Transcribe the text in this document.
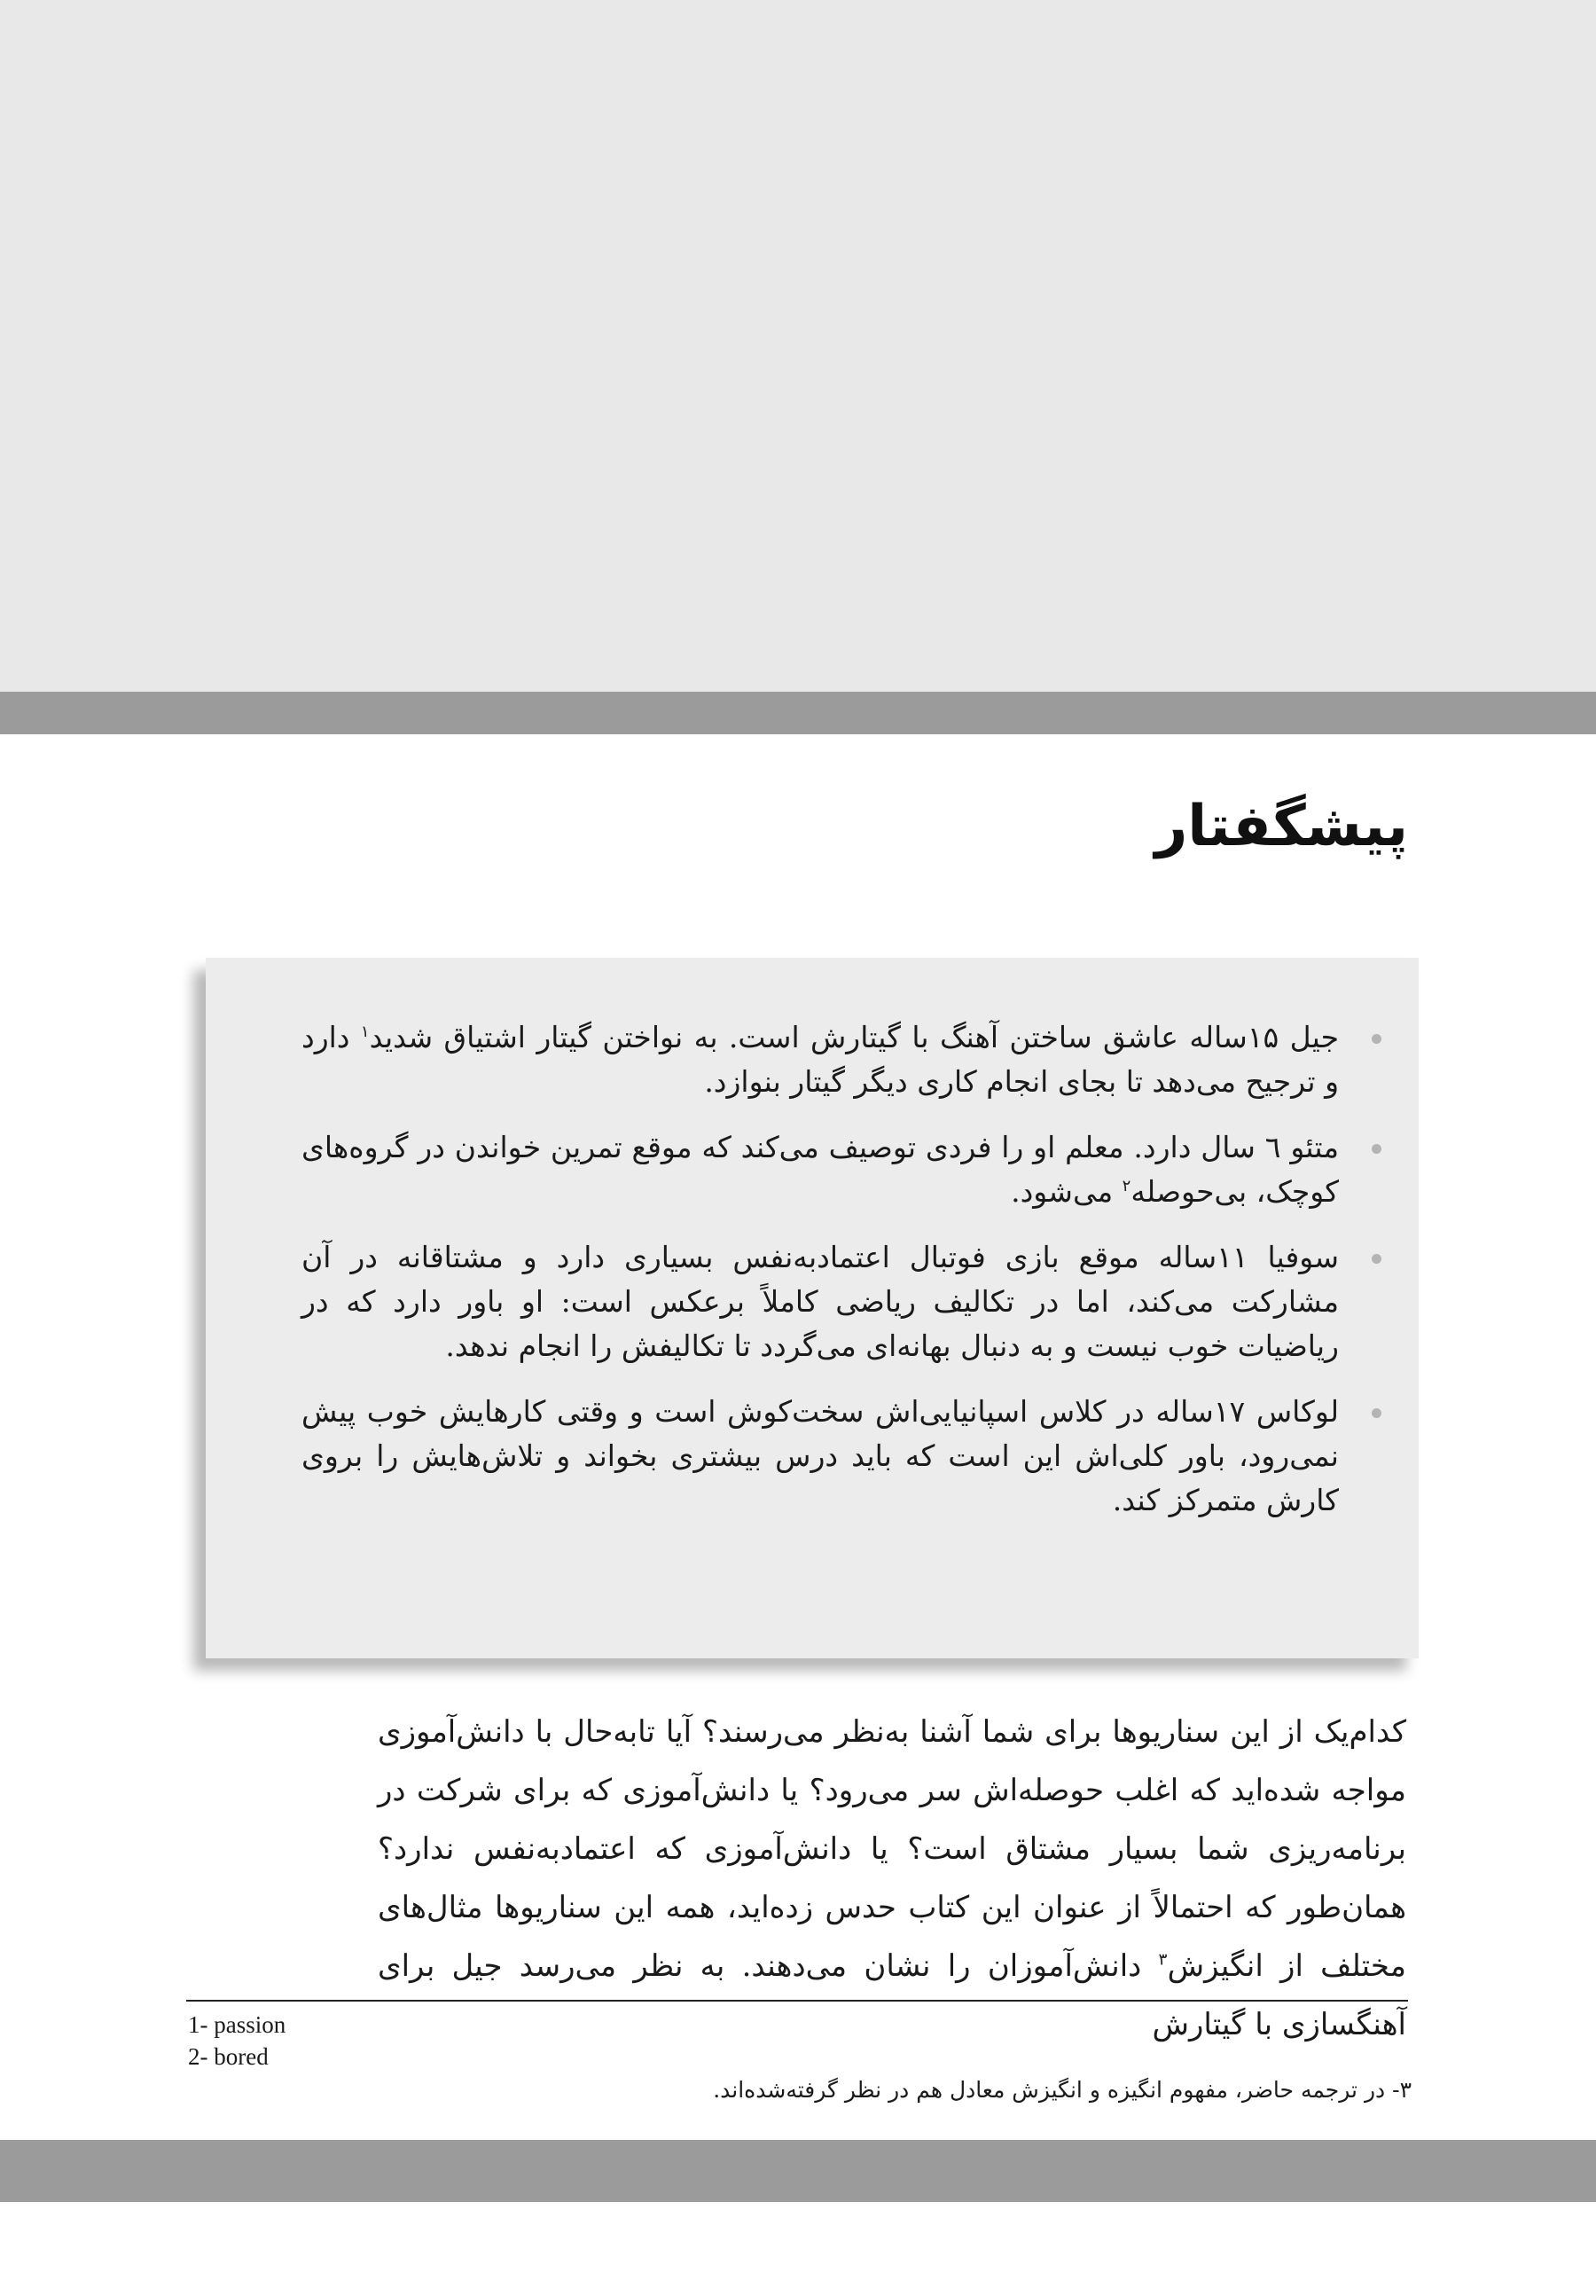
پیشگفتار
جیل ۱۵ساله عاشق ساختن آهنگ با گیتارش است. به نواختن گیتار اشتیاق شدید$^۱$ دارد و ترجیح می‌دهد تا بجای انجام کاری دیگر گیتار بنوازد.
متئو ٦ سال دارد. معلم او را فردی توصیف می‌کند که موقع تمرین خواندن در گروه‌های کوچک، بی‌حوصله$^۲$ می‌شود.
سوفیا ۱۱ساله موقع بازی فوتبال اعتمادبه‌نفس بسیاری دارد و مشتاقانه در آن مشارکت می‌کند، اما در تکالیف ریاضی کاملاً برعکس است: او باور دارد که در ریاضیات خوب نیست و به دنبال بهانه‌ای می‌گردد تا تکالیفش را انجام ندهد.
لوکاس ۱۷ساله در کلاس اسپانیایی‌اش سخت‌کوش است و وقتی کارهایش خوب پیش نمی‌رود، باور کلی‌اش این است که باید درس بیشتری بخواند و تلاش‌هایش را بروی کارش متمرکز کند.

کدام‌یک از این سناریوها برای شما آشنا به‌نظر می‌رسند؟ آیا تابه‌حال با دانش‌آموزی مواجه شده‌اید که اغلب حوصله‌اش سر می‌رود؟ یا دانش‌آموزی که برای شرکت در برنامه‌ریزی شما بسیار مشتاق است؟ یا دانش‌آموزی که اعتمادبه‌نفس ندارد؟ همان‌طور که احتمالاً از عنوان این کتاب حدس زده‌اید، همه این سناریوها مثال‌های مختلف از انگیزش$^۳$ دانش‌آموزان را نشان می‌دهند. به نظر می‌رسد جیل برای آهنگسازی با گیتارش

1- passion
2- bored
۳- در ترجمه حاضر، مفهوم انگیزه و انگیزش معادل هم در نظر گرفته‌شده‌اند.
